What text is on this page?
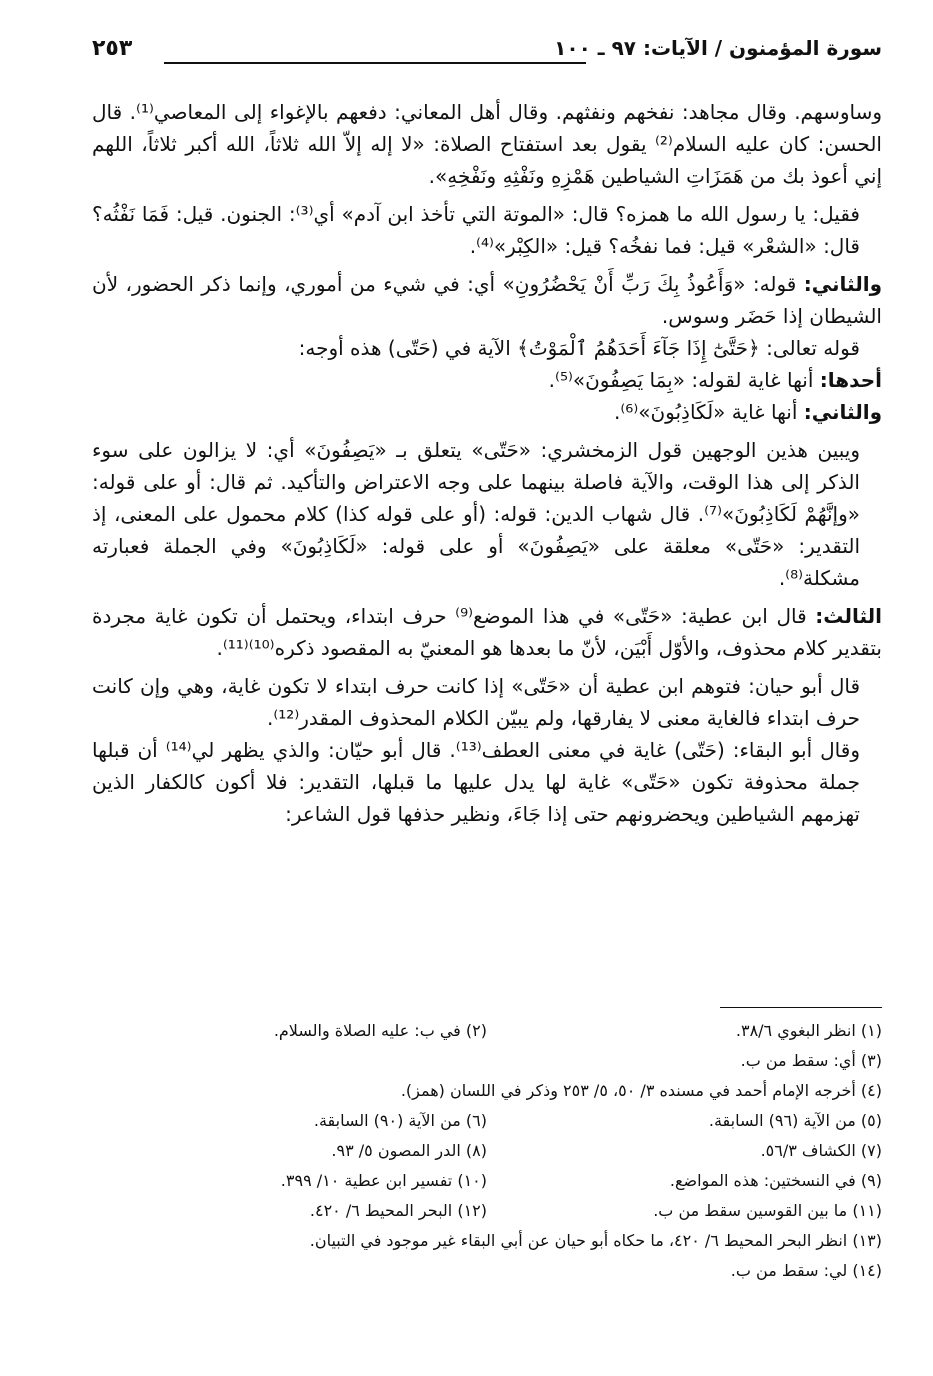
سورة المؤمنون / الآيات: ٩٧ ـ ١٠٠
٢٥٣

وساوسهم. وقال مجاهد: نفخهم ونفثهم. وقال أهل المعاني: دفعهم بالإغواء إلى المعاصي⁽¹⁾. قال الحسن: كان عليه السلام⁽²⁾ يقول بعد استفتاح الصلاة: «لا إله إلاّ الله ثلاثاً، الله أكبر ثلاثاً، اللهم إني أعوذ بك من هَمَزَاتِ الشياطين هَمْزِهِ ونَفْثِهِ ونَفْخِهِ».

فقيل: يا رسول الله ما همزه؟ قال: «الموتة التي تأخذ ابن آدم» أي⁽³⁾: الجنون. قيل: فَمَا نَفْثُه؟ قال: «الشعْر» قيل: فما نفخُه؟ قيل: «الكِبْر»⁽⁴⁾.

والثاني: قوله: «وَأَعُوذُ بِكَ رَبِّ أَنْ يَحْضُرُونِ» أي: في شيء من أموري، وإنما ذكر الحضور، لأن الشيطان إذا حَضَر وسوس.

قوله تعالى: ﴿حَتَّىٰٓ إِذَا جَآءَ أَحَدَهُمُ ٱلْمَوْتُ﴾ الآية في (حَتّى) هذه أوجه:

أحدها: أنها غاية لقوله: «بِمَا يَصِفُونَ»⁽⁵⁾.

والثاني: أنها غاية «لَكَاذِبُونَ»⁽⁶⁾.

ويبين هذين الوجهين قول الزمخشري: «حَتّى» يتعلق بـ «يَصِفُونَ» أي: لا يزالون على سوء الذكر إلى هذا الوقت، والآية فاصلة بينهما على وجه الاعتراض والتأكيد. ثم قال: أو على قوله: «وإنَّهُمْ لَكَاذِبُونَ»⁽⁷⁾. قال شهاب الدين: قوله: (أو على قوله كذا) كلام محمول على المعنى، إذ التقدير: «حَتّى» معلقة على «يَصِفُونَ» أو على قوله: «لَكَاذِبُونَ» وفي الجملة فعبارته مشكلة⁽⁸⁾.

الثالث: قال ابن عطية: «حَتّى» في هذا الموضع⁽⁹⁾ حرف ابتداء، ويحتمل أن تكون غاية مجردة بتقدير كلام محذوف، والأوّل أَبْيَن، لأنّ ما بعدها هو المعنيّ به المقصود ذكره⁽¹⁰⁾⁽¹¹⁾.

قال أبو حيان: فتوهم ابن عطية أن «حَتّى» إذا كانت حرف ابتداء لا تكون غاية، وهي وإن كانت حرف ابتداء فالغاية معنى لا يفارقها، ولم يبيّن الكلام المحذوف المقدر⁽¹²⁾.

وقال أبو البقاء: (حَتّى) غاية في معنى العطف⁽¹³⁾. قال أبو حيّان: والذي يظهر لي⁽¹⁴⁾ أن قبلها جملة محذوفة تكون «حَتّى» غاية لها يدل عليها ما قبلها، التقدير: فلا أكون كالكفار الذين تهزمهم الشياطين ويحضرونهم حتى إذا جَاءَ، ونظير حذفها قول الشاعر:

(١) انظر البغوي ٣٨/٦.
(٢) في ب: عليه الصلاة والسلام.
(٣) أي: سقط من ب.
(٤) أخرجه الإمام أحمد في مسنده ٣/ ٥٠، ٥/ ٢٥٣ وذكر في اللسان (همز).
(٥) من الآية (٩٦) السابقة.
(٦) من الآية (٩٠) السابقة.
(٧) الكشاف ٥٦/٣.
(٨) الدر المصون ٥/ ٩٣.
(٩) في النسختين: هذه المواضع.
(١٠) تفسير ابن عطية ١٠/ ٣٩٩.
(١١) ما بين القوسين سقط من ب.
(١٢) البحر المحيط ٦/ ٤٢٠.
(١٣) انظر البحر المحيط ٦/ ٤٢٠، ما حكاه أبو حيان عن أبي البقاء غير موجود في التبيان.
(١٤) لي: سقط من ب.
